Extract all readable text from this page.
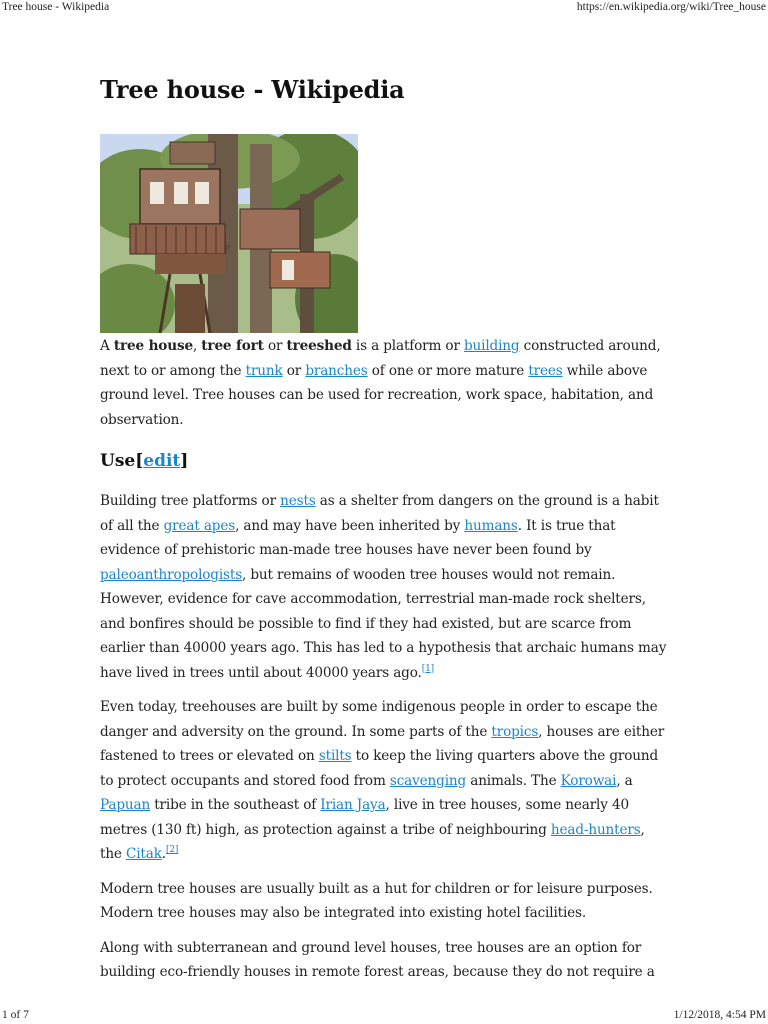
Tree house - Wikipedia	https://en.wikipedia.org/wiki/Tree_house
Tree house - Wikipedia

A tree house, tree fort or treeshed is a platform or building constructed around, next to or among the trunk or branches of one or more mature trees while above ground level. Tree houses can be used for recreation, work space, habitation, and observation.

Use[edit]

Building tree platforms or nests as a shelter from dangers on the ground is a habit of all the great apes, and may have been inherited by humans. It is true that evidence of prehistoric man-made tree houses have never been found by paleoanthropologists, but remains of wooden tree houses would not remain. However, evidence for cave accommodation, terrestrial man-made rock shelters, and bonfires should be possible to find if they had existed, but are scarce from earlier than 40000 years ago. This has led to a hypothesis that archaic humans may have lived in trees until about 40000 years ago.[1]

Even today, treehouses are built by some indigenous people in order to escape the danger and adversity on the ground. In some parts of the tropics, houses are either fastened to trees or elevated on stilts to keep the living quarters above the ground to protect occupants and stored food from scavenging animals. The Korowai, a Papuan tribe in the southeast of Irian Jaya, live in tree houses, some nearly 40 metres (130 ft) high, as protection against a tribe of neighbouring head-hunters, the Citak.[2]

Modern tree houses are usually built as a hut for children or for leisure purposes. Modern tree houses may also be integrated into existing hotel facilities.

Along with subterranean and ground level houses, tree houses are an option for building eco-friendly houses in remote forest areas, because they do not require a

1 of 7	1/12/2018, 4:54 PM
